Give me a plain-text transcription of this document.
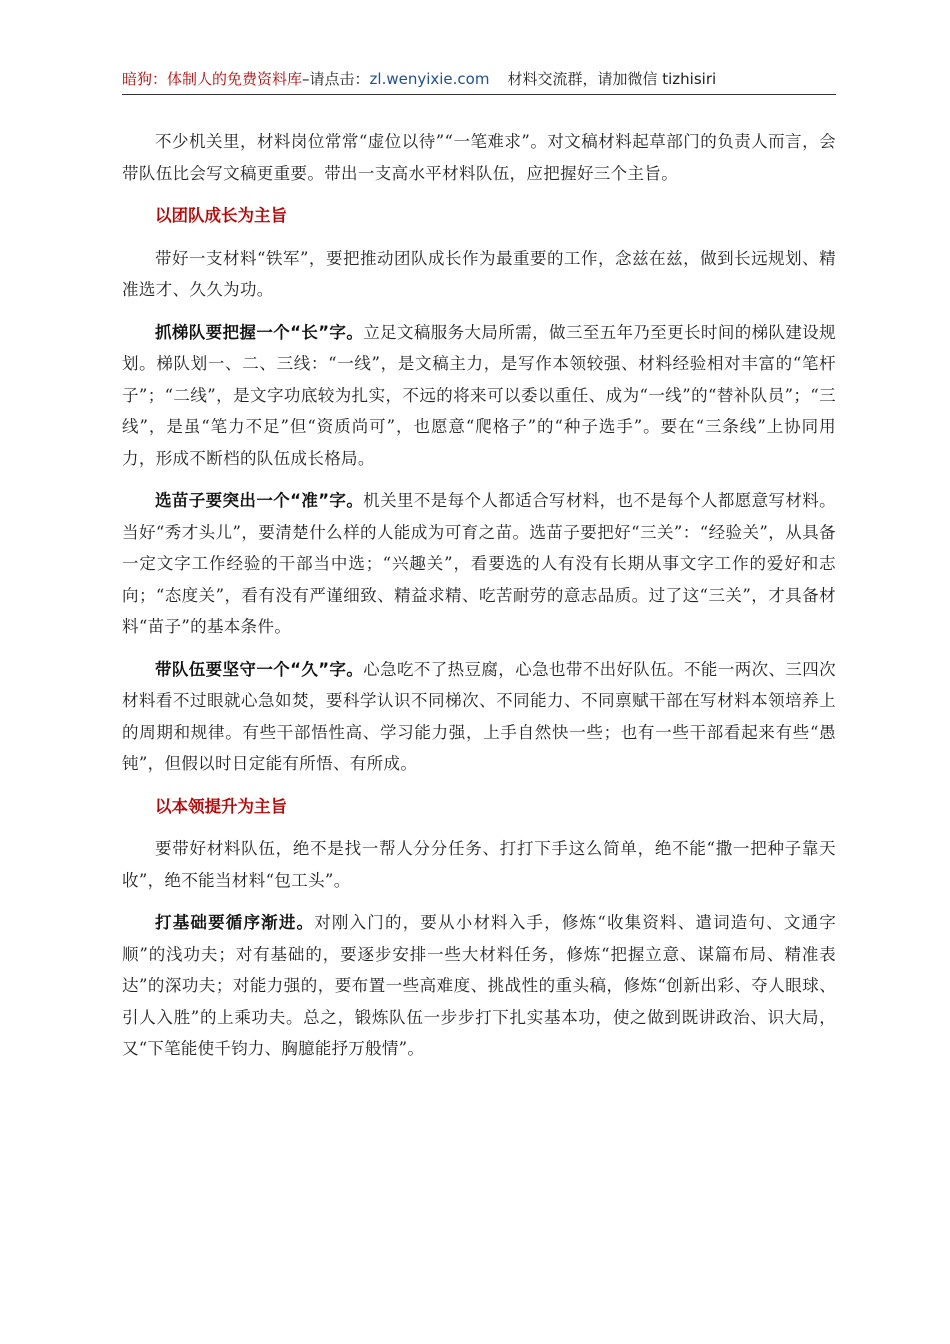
暗狗：体制人的免费资料库–请点击：zl.wenyixie.com 材料交流群，请加微信 tizhisiri

不少机关里，材料岗位常常“虚位以待”“一笔难求”。对文稿材料起草部门的负责人而言，会带队伍比会写文稿更重要。带出一支高水平材料队伍，应把握好三个主旨。

以团队成长为主旨

带好一支材料“铁军”，要把推动团队成长作为最重要的工作，念兹在兹，做到长远规划、精准选才、久久为功。

抓梯队要把握一个“长”字。立足文稿服务大局所需，做三至五年乃至更长时间的梯队建设规划。梯队划一、二、三线：“一线”，是文稿主力，是写作本领较强、材料经验相对丰富的“笔杆子”；“二线”，是文字功底较为扎实，不远的将来可以委以重任、成为“一线”的“替补队员”；“三线”，是虽“笔力不足”但“资质尚可”，也愿意“爬格子”的“种子选手”。要在“三条线”上协同用力，形成不断档的队伍成长格局。

选苗子要突出一个“准”字。机关里不是每个人都适合写材料，也不是每个人都愿意写材料。当好“秀才头儿”，要清楚什么样的人能成为可育之苗。选苗子要把好“三关”：“经验关”，从具备一定文字工作经验的干部当中选；“兴趣关”，看要选的人有没有长期从事文字工作的爱好和志向；“态度关”，看有没有严谨细致、精益求精、吃苦耐劳的意志品质。过了这“三关”，才具备材料“苗子”的基本条件。

带队伍要坚守一个“久”字。心急吃不了热豆腐，心急也带不出好队伍。不能一两次、三四次材料看不过眼就心急如焚，要科学认识不同梯次、不同能力、不同禀赋干部在写材料本领培养上的周期和规律。有些干部悟性高、学习能力强，上手自然快一些；也有一些干部看起来有些“愚钝”，但假以时日定能有所悟、有所成。

以本领提升为主旨

要带好材料队伍，绝不是找一帮人分分任务、打打下手这么简单，绝不能“撒一把种子靠天收”，绝不能当材料“包工头”。

打基础要循序渐进。对刚入门的，要从小材料入手，修炼“收集资料、遣词造句、文通字顺”的浅功夫；对有基础的，要逐步安排一些大材料任务，修炼“把握立意、谋篇布局、精准表达”的深功夫；对能力强的，要布置一些高难度、挑战性的重头稿，修炼“创新出彩、夺人眼球、引人入胜”的上乘功夫。总之，锻炼队伍一步步打下扎实基本功，使之做到既讲政治、识大局，又“下笔能使千钧力、胸臆能抒万般情”。
